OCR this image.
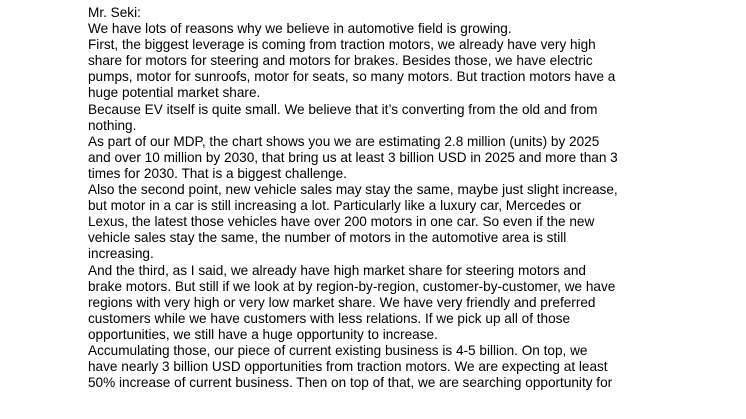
Mr. Seki:

We have lots of reasons why we believe in automotive field is growing.

First, the biggest leverage is coming from traction motors, we already have very high
share for motors for steering and motors for brakes. Besides those, we have electric
pumps, motor for sunroofs, motor for seats, so many motors. But traction motors have a
huge potential market share.

Because EV itself is quite small. We believe that it’s converting from the old and from
nothing.

As part of our MDP, the chart shows you we are estimating 2.8 million (units) by 2025
and over 10 million by 2030, that bring us at least 3 billion USD in 2025 and more than 3
times for 2030. That is a biggest challenge.

Also the second point, new vehicle sales may stay the same, maybe just slight increase,
but motor in a car is still increasing a lot. Particularly like a luxury car, Mercedes or
Lexus, the latest those vehicles have over 200 motors in one car. So even if the new
vehicle sales stay the same, the number of motors in the automotive area is still
increasing.

And the third, as I said, we already have high market share for steering motors and
brake motors. But still if we look at by region-by-region, customer-by-customer, we have
regions with very high or very low market share. We have very friendly and preferred
customers while we have customers with less relations. If we pick up all of those
opportunities, we still have a huge opportunity to increase.

Accumulating those, our piece of current existing business is 4-5 billion. On top, we
have nearly 3 billion USD opportunities from traction motors. We are expecting at least
50% increase of current business. Then on top of that, we are searching opportunity for
